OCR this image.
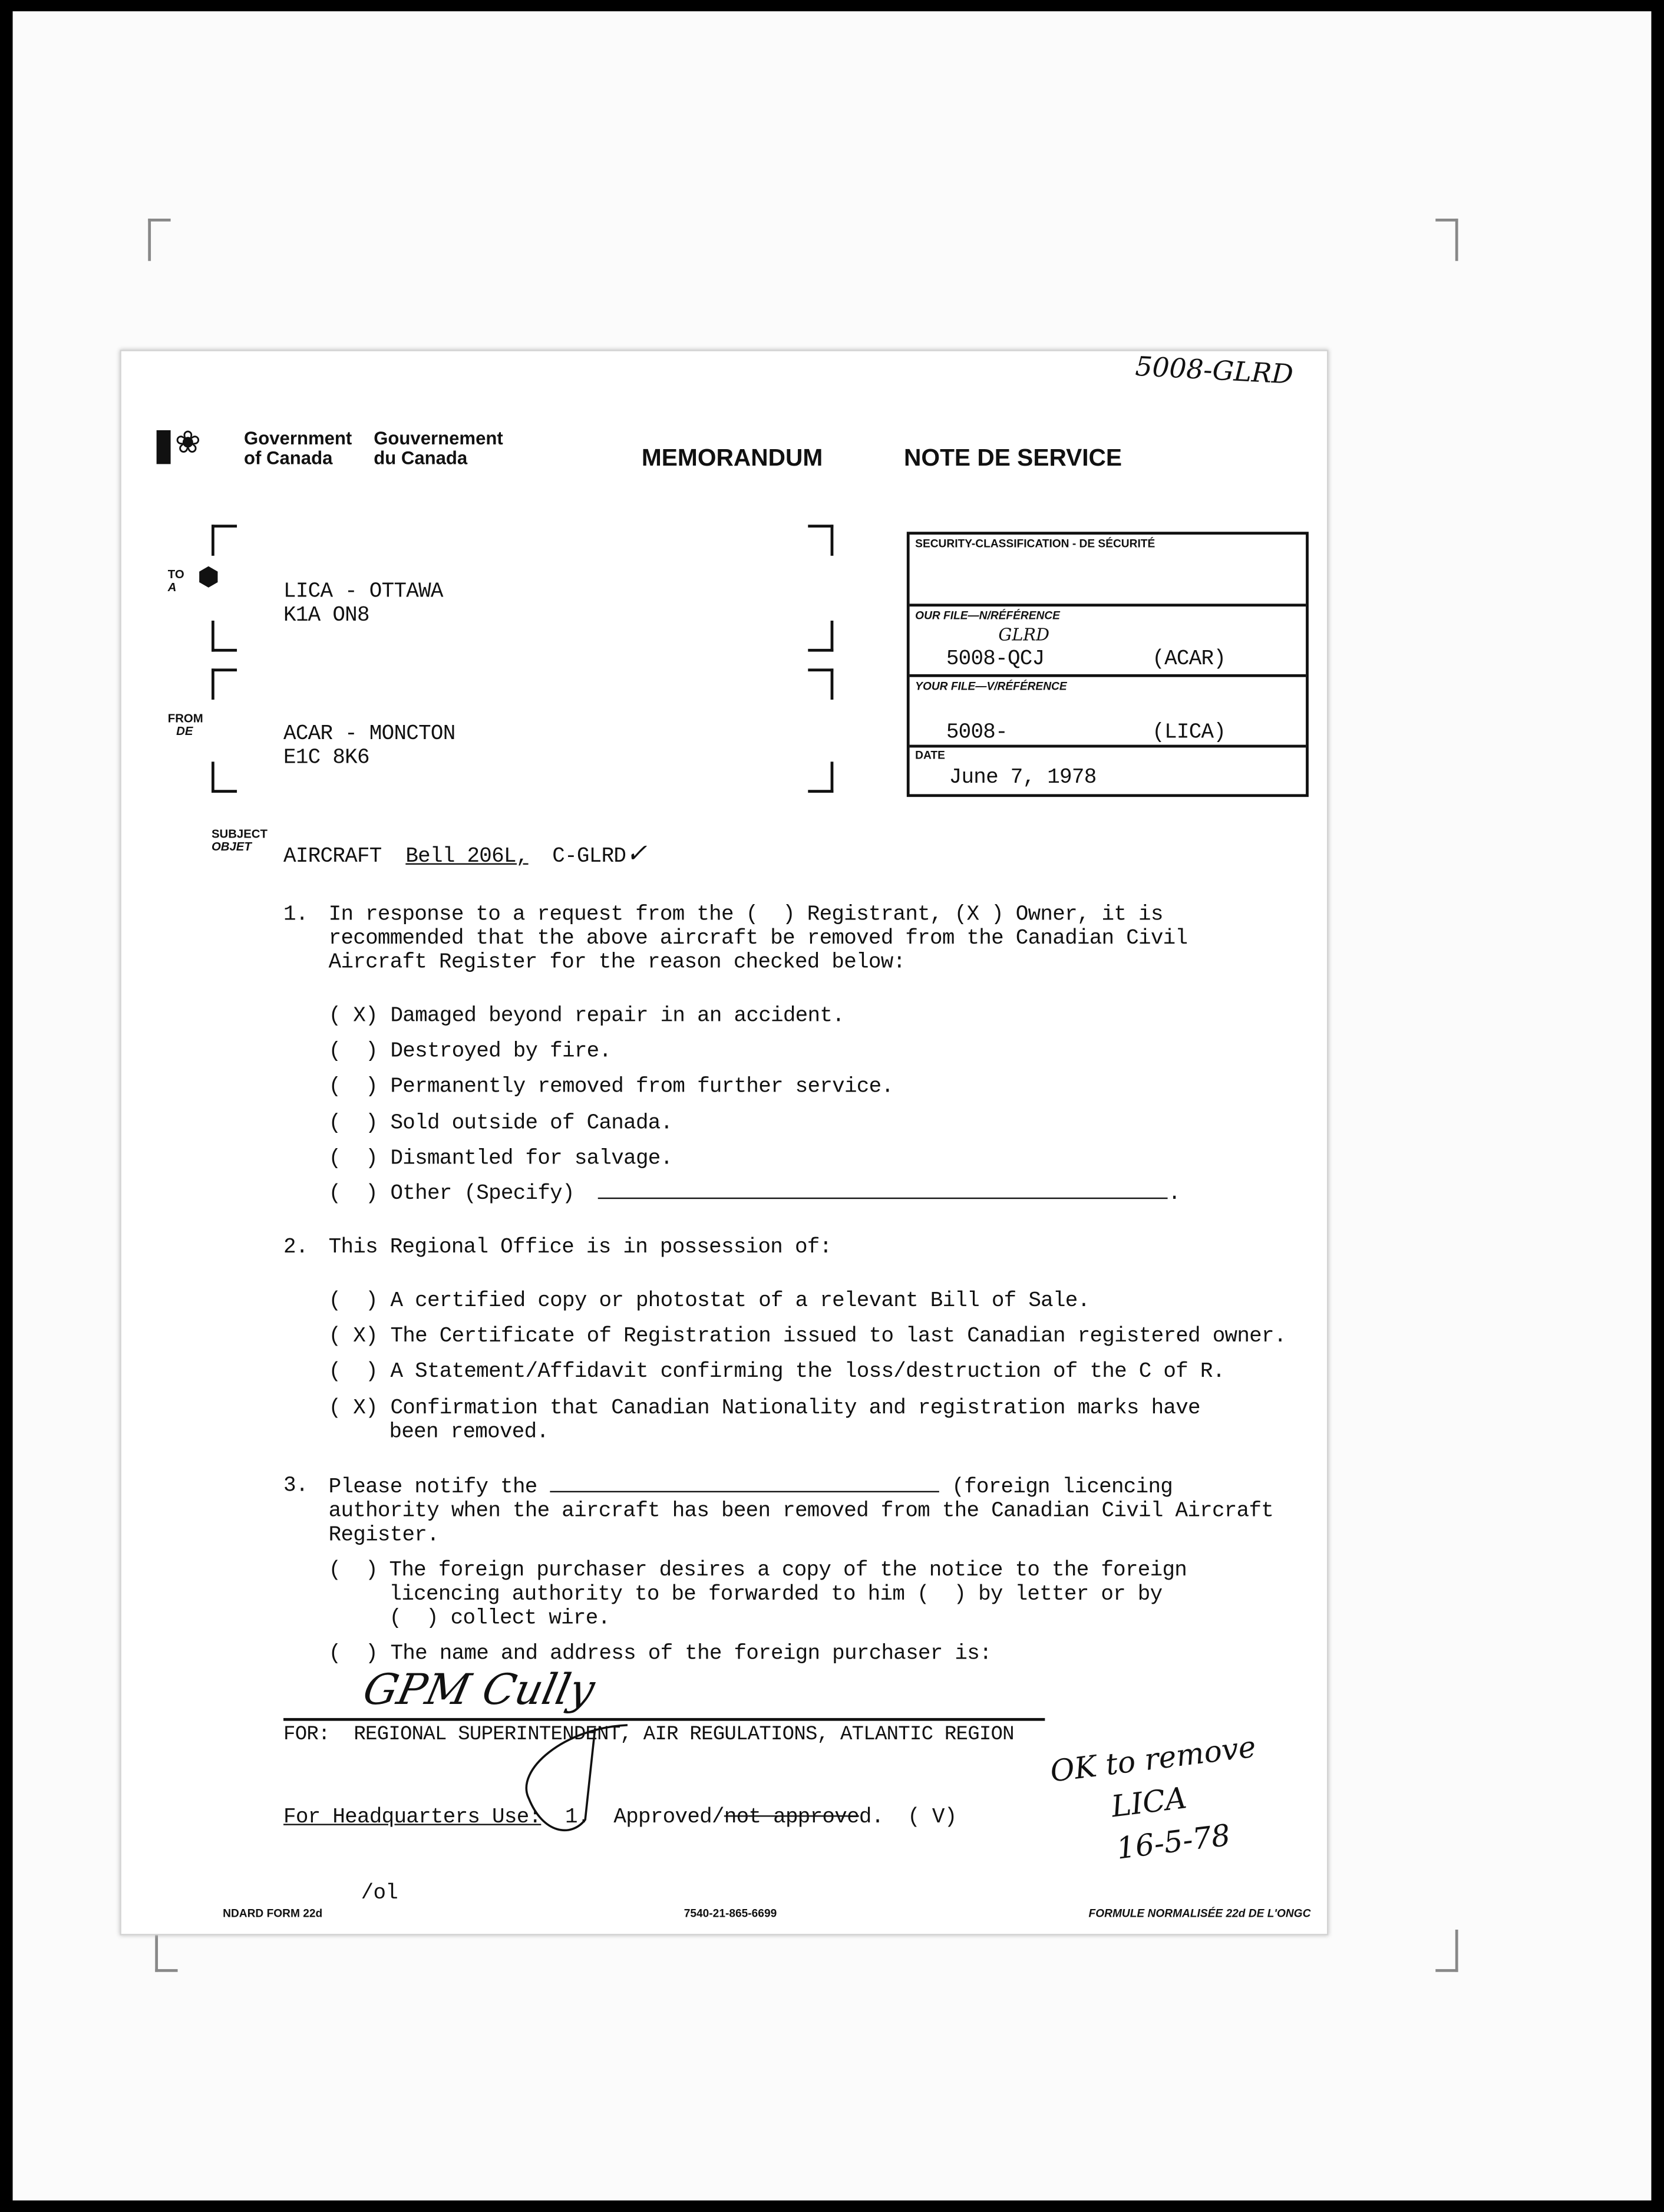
5008-GLRD
❀	Government
of Canada
Gouvernement
du Canada	MEMORANDUM	NOTE DE SERVICE
TO
A	⬢
LICA - OTTAWA
K1A ON8
FROM
DE	ACAR - MONCTON
E1C 8K6
SECURITY-CLASSIFICATION - DE SÉCURITÉ
OUR FILE—N/RÉFÉRENCE
GLRD
5008-QCJ	(ACAR)
YOUR FILE—V/RÉFÉRENCE
5008-	(LICA)
DATE
June 7, 1978
SUBJECT
OBJET	AIRCRAFT	Bell 206L,	C-GLRD✓
1. In response to a request from the (  ) Registrant, (X ) Owner, it is
recommended that the above aircraft be removed from the Canadian Civil
Aircraft Register for the reason checked below:
( X) Damaged beyond repair in an accident.
(  ) Destroyed by fire.
(  ) Permanently removed from further service.
(  ) Sold outside of Canada.
(  ) Dismantled for salvage.
(  ) Other (Specify)	.
2. This Regional Office is in possession of:
(  ) A certified copy or photostat of a relevant Bill of Sale.
( X) The Certificate of Registration issued to last Canadian registered owner.
(  ) A Statement/Affidavit confirming the loss/destruction of the C of R.
( X) Confirmation that Canadian Nationality and registration marks have
been removed.
3. Please notify the	(foreign licencing
authority when the aircraft has been removed from the Canadian Civil Aircraft
Register.
(  ) The foreign purchaser desires a copy of the notice to the foreign
licencing authority to be forwarded to him (  ) by letter or by
(  ) collect wire.
(  ) The name and address of the foreign purchaser is:
GPM Cully
FOR:	REGIONAL SUPERINTENDENT, AIR REGULATIONS, ATLANTIC REGION
For Headquarters Use:	1.	Approved/not approved.	( V)
OK to remove
LICA
16-5-78
/ol
NDARD FORM 22d	7540-21-865-6699	FORMULE NORMALISÉE 22d DE L'ONGC
